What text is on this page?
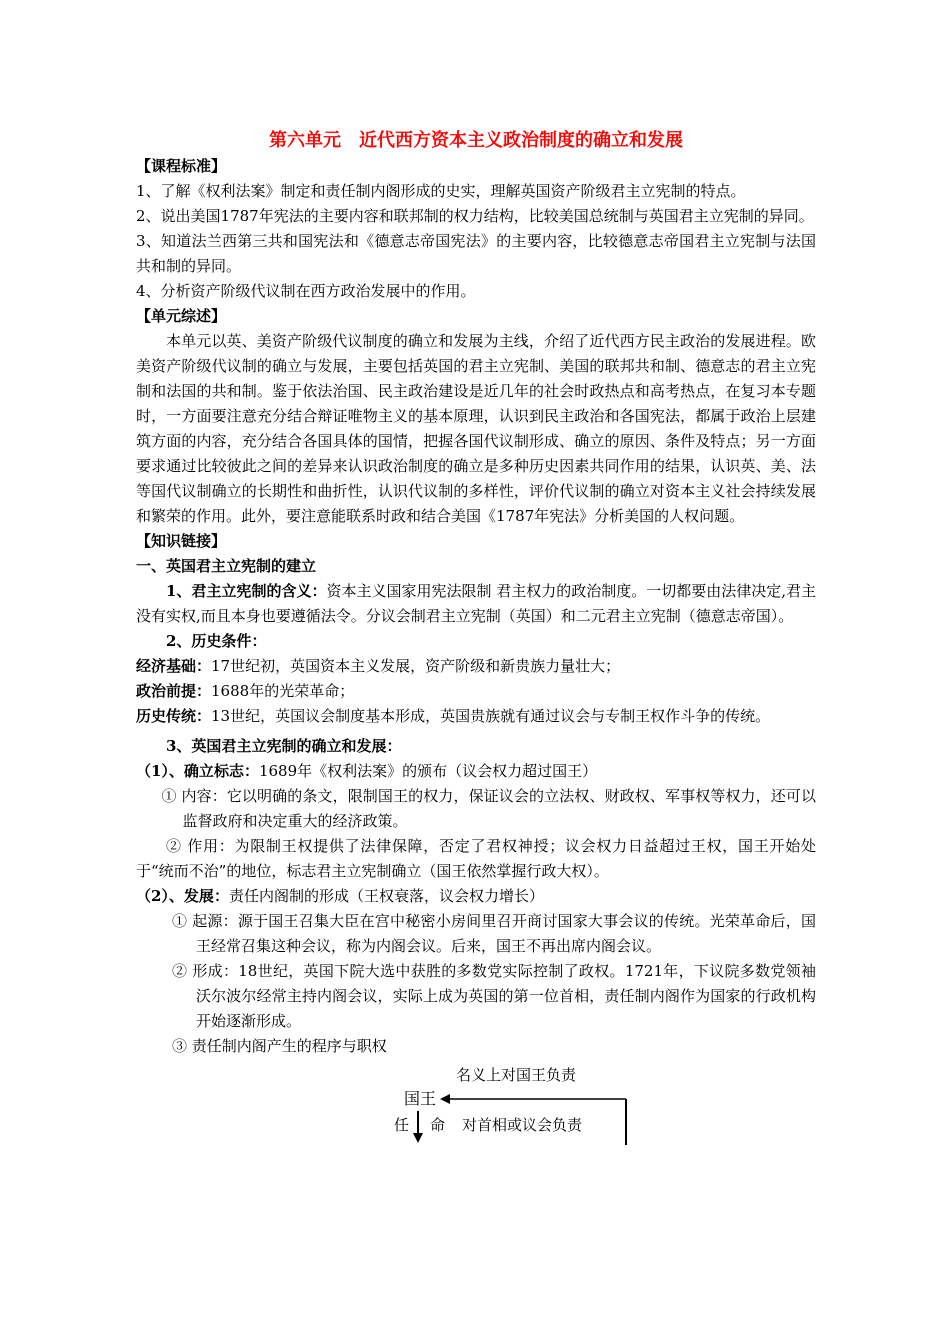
第六单元　近代西方资本主义政治制度的确立和发展
【课程标准】

1、了解《权利法案》制定和责任制内阁形成的史实，理解英国资产阶级君主立宪制的特点。

2、说出美国1787年宪法的主要内容和联邦制的权力结构，比较美国总统制与英国君主立宪制的异同。

3、知道法兰西第三共和国宪法和《德意志帝国宪法》的主要内容，比较德意志帝国君主立宪制与法国共和制的异同。

4、分析资产阶级代议制在西方政治发展中的作用。

【单元综述】

本单元以英、美资产阶级代议制度的确立和发展为主线，介绍了近代西方民主政治的发展进程。欧美资产阶级代议制的确立与发展，主要包括英国的君主立宪制、美国的联邦共和制、德意志的君主立宪制和法国的共和制。鉴于依法治国、民主政治建设是近几年的社会时政热点和高考热点，在复习本专题时，一方面要注意充分结合辩证唯物主义的基本原理，认识到民主政治和各国宪法，都属于政治上层建筑方面的内容，充分结合各国具体的国情，把握各国代议制形成、确立的原因、条件及特点；另一方面要求通过比较彼此之间的差异来认识政治制度的确立是多种历史因素共同作用的结果，认识英、美、法等国代议制确立的长期性和曲折性，认识代议制的多样性，评价代议制的确立对资本主义社会持续发展和繁荣的作用。此外，要注意能联系时政和结合美国《1787年宪法》分析美国的人权问题。

【知识链接】
一、英国君主立宪制的建立

1、君主立宪制的含义：资本主义国家用宪法限制 君主权力的政治制度。一切都要由法律决定,君主没有实权,而且本身也要遵循法令。分议会制君主立宪制（英国）和二元君主立宪制（德意志帝国）。

2、历史条件：

经济基础：17世纪初，英国资本主义发展，资产阶级和新贵族力量壮大；

政治前提：1688年的光荣革命；

历史传统：13世纪，英国议会制度基本形成，英国贵族就有通过议会与专制王权作斗争的传统。

3、英国君主立宪制的确立和发展：

（1）、确立标志：1689年《权利法案》的颁布（议会权力超过国王）

① 内容：它以明确的条文，限制国王的权力，保证议会的立法权、财政权、军事权等权力，还可以监督政府和决定重大的经济政策。

② 作用：为限制王权提供了法律保障，否定了君权神授；议会权力日益超过王权，国王开始处于“统而不治”的地位，标志君主立宪制确立（国王依然掌握行政大权）。

（2）、发展：责任内阁制的形成（王权衰落，议会权力增长）

① 起源：源于国王召集大臣在宫中秘密小房间里召开商讨国家大事会议的传统。光荣革命后，国王经常召集这种会议，称为内阁会议。后来，国王不再出席内阁会议。

② 形成：18世纪，英国下院大选中获胜的多数党实际控制了政权。1721年，下议院多数党领袖沃尔波尔经常主持内阁会议，实际上成为英国的第一位首相，责任制内阁作为国家的行政机构开始逐渐形成。

③ 责任制内阁产生的程序与职权

名义上对国王负责
国王
任 命 对首相或议会负责
